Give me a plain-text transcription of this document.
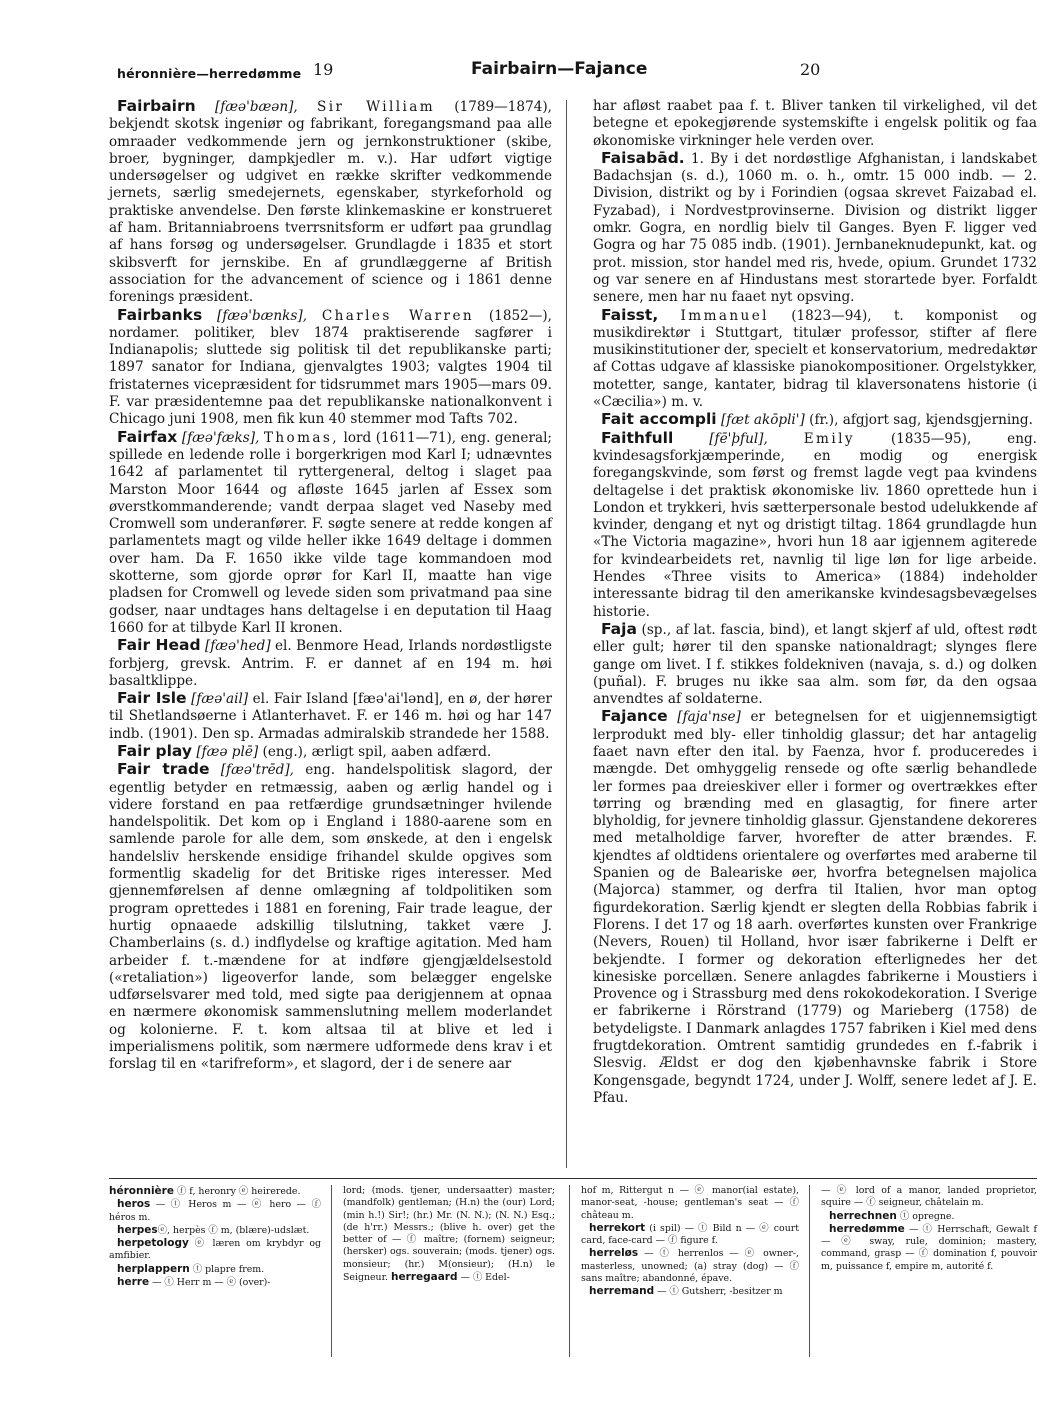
héronnière—herredømme 19	Fairbairn—Fajance	20

Fairbairn [fæə'bæən], Sir William (1789—1874), bekjendt skotsk ingeniør og fabrikant, foregangsmand paa alle omraader vedkommende jern og jernkonstruktioner (skibe, broer, bygninger, dampkjedler m. v.). Har udført vigtige undersøgelser og udgivet en række skrifter vedkommende jernets, særlig smedejernets, egenskaber, styrkeforhold og praktiske anvendelse. Den første klinkemaskine er konstrueret af ham. Britanniabroens tverrsnitsform er udført paa grundlag af hans forsøg og undersøgelser. Grundlagde i 1835 et stort skibsverft for jernskibe. En af grundlæggerne af British association for the advancement of science og i 1861 denne forenings præsident.

Fairbanks [fæə'bænks], Charles Warren (1852—), nordamer. politiker, blev 1874 praktiserende sagfører i Indianapolis; sluttede sig politisk til det republikanske parti; 1897 sanator for Indiana, gjenvalgtes 1903; valgtes 1904 til fristaternes vicepræsident for tidsrummet mars 1905—mars 09. F. var præsidentemne paa det republikanske nationalkonvent i Chicago juni 1908, men fik kun 40 stemmer mod Tafts 702.

Fairfax [fæə'fæks], Thomas, lord (1611—71), eng. general; spillede en ledende rolle i borgerkrigen mod Karl I; udnævntes 1642 af parlamentet til ryttergeneral, deltog i slaget paa Marston Moor 1644 og afløste 1645 jarlen af Essex som øverstkommanderende; vandt derpaa slaget ved Naseby med Cromwell som underanfører. F. søgte senere at redde kongen af parlamentets magt og vilde heller ikke 1649 deltage i dommen over ham. Da F. 1650 ikke vilde tage kommandoen mod skotterne, som gjorde oprør for Karl II, maatte han vige pladsen for Cromwell og levede siden som privatmand paa sine godser, naar undtages hans deltagelse i en deputation til Haag 1660 for at tilbyde Karl II kronen.

Fair Head [fæə'hed] el. Benmore Head, Irlands nordøstligste forbjerg, grevsk. Antrim. F. er dannet af en 194 m. høi basaltklippe.

Fair Isle [fæə'ail] el. Fair Island [fæə'ai'lənd], en ø, der hører til Shetlandsøerne i Atlanterhavet. F. er 146 m. høi og har 147 indb. (1901). Den sp. Armadas admiralskib strandede her 1588.

Fair play [fæə plē] (eng.), ærligt spil, aaben adfærd.

Fair trade [fæə'trēd], eng. handelspolitisk slagord, der egentlig betyder en retmæssig, aaben og ærlig handel og i videre forstand en paa retfærdige grundsætninger hvilende handelspolitik. Det kom op i England i 1880-aarene som en samlende parole for alle dem, som ønskede, at den i engelsk handelsliv herskende ensidige frihandel skulde opgives som formentlig skadelig for det Britiske riges interesser. Med gjennemførelsen af denne omlægning af toldpolitiken som program oprettedes i 1881 en forening, Fair trade league, der hurtig opnaaede adskillig tilslutning, takket være J. Chamberlains (s. d.) indflydelse og kraftige agitation. Med ham arbeider f. t.-mændene for at indføre gjengjældelsestold («retaliation») ligeoverfor lande, som belægger engelske udførselsvarer med told, med sigte paa derigjennem at opnaa en nærmere økonomisk sammenslutning mellem moderlandet og kolonierne. F. t. kom altsaa til at blive et led i imperialismens politik, som nærmere udformede dens krav i et forslag til en «tarifreform», et slagord, der i de senere aar

har afløst raabet paa f. t. Bliver tanken til virkelighed, vil det betegne et epokegjørende systemskifte i engelsk politik og faa økonomiske virkninger hele verden over.

Faisabād. 1. By i det nordøstlige Afghanistan, i landskabet Badachsjan (s. d.), 1060 m. o. h., omtr. 15 000 indb. — 2. Division, distrikt og by i Forindien (ogsaa skrevet Faizabad el. Fyzabad), i Nordvestprovinserne. Division og distrikt ligger omkr. Gogra, en nordlig bielv til Ganges. Byen F. ligger ved Gogra og har 75 085 indb. (1901). Jernbaneknudepunkt, kat. og prot. mission, stor handel med ris, hvede, opium. Grundet 1732 og var senere en af Hindustans mest storartede byer. Forfaldt senere, men har nu faaet nyt opsving.

Faisst, Immanuel (1823—94), t. komponist og musikdirektør i Stuttgart, titulær professor, stifter af flere musikinstitutioner der, specielt et konservatorium, medredaktør af Cottas udgave af klassiske pianokompositioner. Orgelstykker, motetter, sange, kantater, bidrag til klaversonatens historie (i «Cæcilia») m. v.

Fait accompli [fæt akōpli'] (fr.), afgjort sag, kjendsgjerning.

Faithfull	[fē'þful],	Emily	(1835—95), eng. kvindesagsforkjæmperinde, en modig og energisk foregangskvinde, som først og fremst lagde vegt paa kvindens deltagelse i det praktisk økonomiske liv. 1860 oprettede hun i London et trykkeri, hvis sætterpersonale bestod udelukkende af kvinder, dengang et nyt og dristigt tiltag. 1864 grundlagde hun «The Victoria magazine», hvori hun 18 aar igjennem agiterede for kvindearbeidets ret, navnlig til lige løn for lige arbeide. Hendes «Three visits to America» (1884) indeholder interessante bidrag til den amerikanske kvindesagsbevægelses historie.

Faja (sp., af lat. fascia, bind), et langt skjerf af uld, oftest rødt eller gult; hører til den spanske nationaldragt; slynges flere gange om livet. I f. stikkes foldekniven (navaja, s. d.) og dolken (puñal). F. bruges nu ikke saa alm. som før, da den ogsaa anvendtes af soldaterne.

Fajance [faja'nse] er betegnelsen for et uigjennemsigtigt lerprodukt med bly- eller tinholdig glassur; det har antagelig faaet navn efter den ital. by Faenza, hvor f. produceredes i mængde. Det omhyggelig rensede og ofte særlig behandlede ler formes paa dreieskiver eller i former og overtrækkes efter tørring og brænding med en glasagtig, for finere arter blyholdig, for jevnere tinholdig glassur. Gjenstandene dekoreres med metalholdige farver, hvorefter de atter brændes. F. kjendtes af oldtidens orientalere og overførtes med araberne til Spanien og de Baleariske øer, hvorfra betegnelsen majolica (Majorca) stammer, og derfra til Italien, hvor man optog figurdekoration. Særlig kjendt er slegten della Robbias fabrik i Florens. I det 17 og 18 aarh. overførtes kunsten over Frankrige (Nevers, Rouen) til Holland, hvor især fabrikerne i Delft er bekjendte. I former og dekoration efterlignedes her det kinesiske porcellæn. Senere anlagdes fabrikerne i Moustiers i Provence og i Strassburg med dens rokokodekoration. I Sverige er fabrikerne i Rörstrand (1779) og Marieberg (1758) de betydeligste. I Danmark anlagdes 1757 fabriken i Kiel med dens frugtdekoration. Omtrent samtidig grundedes en f.-fabrik i Slesvig. Ældst er dog den kjøbenhavnske fabrik i Store Kongensgade, begyndt 1724, under J. Wolff, senere ledet af J. E. Pfau.

héronnière ⓕ f, heronry ⓔ heirerede.
heros — ⓣ Heros m — ⓔ hero — ⓕ héros m.
herpesⓔ, herpès ⓕ m, (blære)-udslæt.
herpetology ⓔ læren om krybdyr og amfibier.
herplappern ⓣ plapre frem.
herre — ⓣ Herr m — ⓔ (over)-
lord; (mods. tjener, undersaatter) master; (mandfolk) gentleman; (H.n) the (our) Lord; (min h.!) Sir!; (hr.) Mr. (N. N.); (N. N.) Esq.; (de h'rr.) Messrs.; (blive h. over) get the better of — ⓕ maître; (fornem) seigneur; (hersker) ogs. souverain; (mods. tjener) ogs. monsieur; (hr.) M(onsieur); (H.n) le Seigneur. herregaard — ⓣ Edel-
hof m, Rittergut n — ⓔ manor(ial estate), manor-seat, -house; gentleman's seat — ⓕ château m.
herrekort (i spil) — ⓣ Bild n — ⓔ court card, face-card — ⓕ figure f.
herreløs — ⓣ herrenlos — ⓔ owner-, masterless, unowned; (a) stray (dog) — ⓕ sans maître; abandonné, épave.
herremand — ⓣ Gutsherr, -besitzer m
— ⓔ lord of a manor, landed proprietor, squire — ⓕ seigneur, châtelain m.
herrechnen ⓣ opregne.
herredømme — ⓣ Herrschaft, Gewalt f — ⓔ sway, rule, dominion; mastery, command, grasp — ⓕ domination f, pouvoir m, puissance f, empire m, autorité f.
